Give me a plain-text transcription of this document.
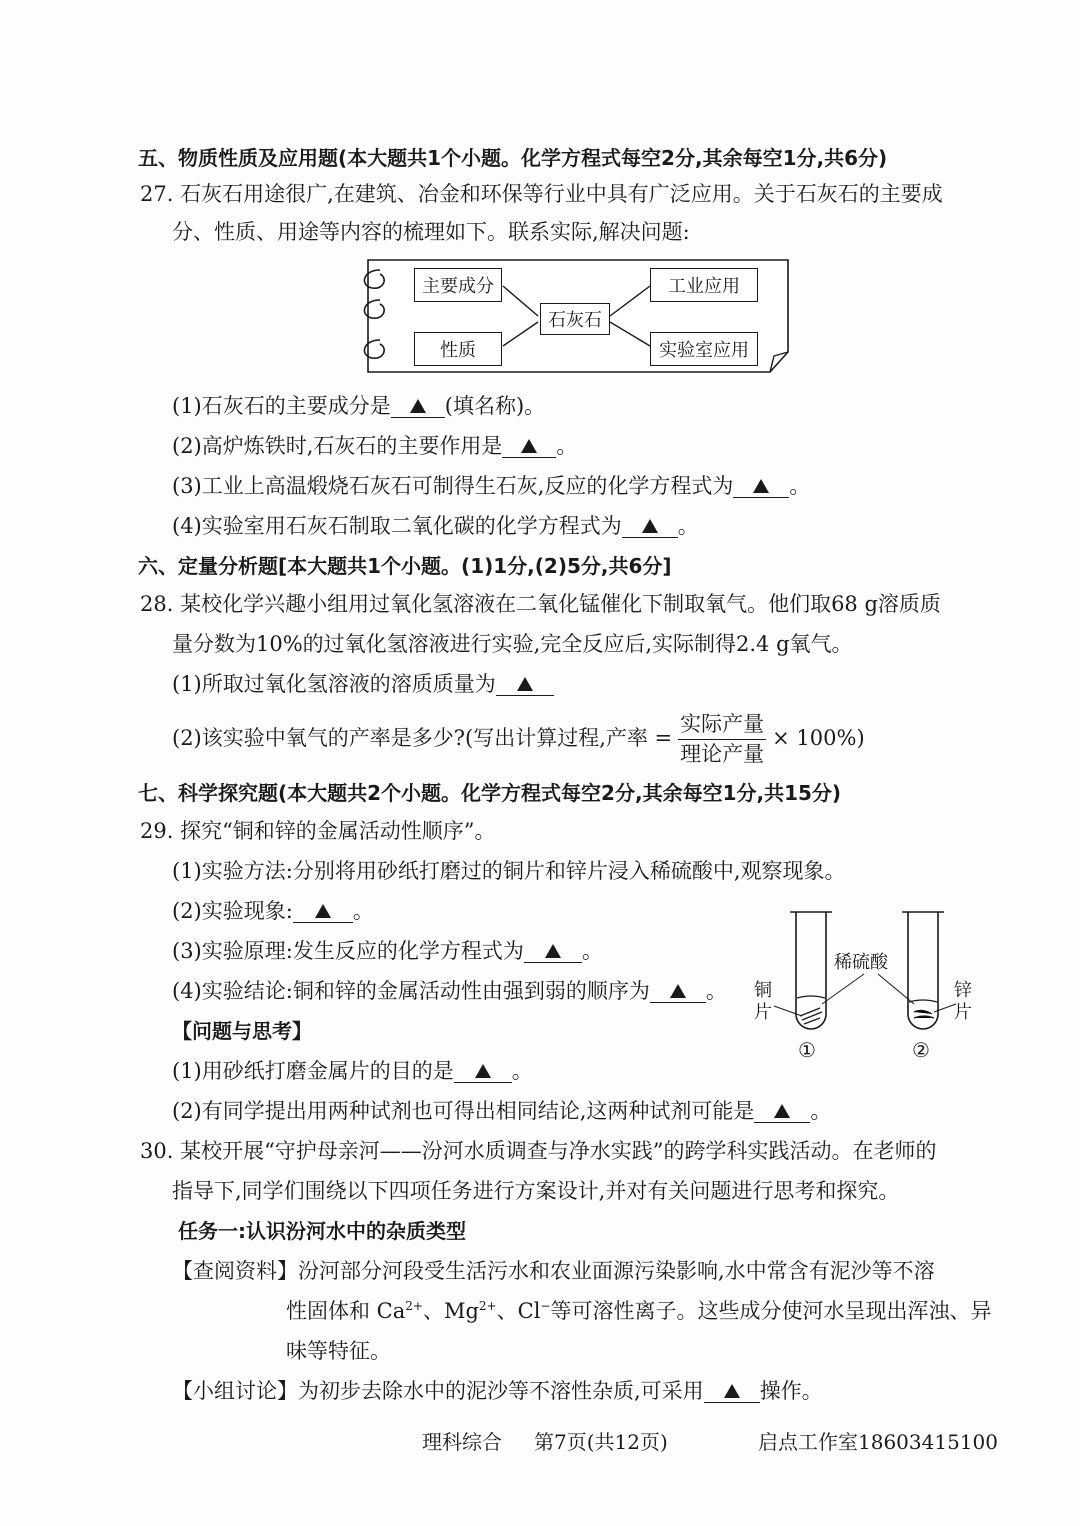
五、物质性质及应用题(本大题共1个小题。化学方程式每空2分,其余每空1分,共6分)
27. 石灰石用途很广,在建筑、冶金和环保等行业中具有广泛应用。关于石灰石的主要成
分、性质、用途等内容的梳理如下。联系实际,解决问题:
主要成分
性质
石灰石
工业应用
实验室应用
(1)石灰石的主要成分是	(填名称)。
(2)高炉炼铁时,石灰石的主要作用是	。
(3)工业上高温煅烧石灰石可制得生石灰,反应的化学方程式为	。
(4)实验室用石灰石制取二氧化碳的化学方程式为	。
六、定量分析题[本大题共1个小题。(1)1分,(2)5分,共6分]
28. 某校化学兴趣小组用过氧化氢溶液在二氧化锰催化下制取氧气。他们取68 g溶质质
量分数为10%的过氧化氢溶液进行实验,完全反应后,实际制得2.4 g氧气。
(1)所取过氧化氢溶液的溶质质量为
(2)该实验中氧气的产率是多少?(写出计算过程,产率 = $\frac{\text{实际产量}}{\text{理论产量}} \times 100\%$)
七、科学探究题(本大题共2个小题。化学方程式每空2分,其余每空1分,共15分)
29. 探究“铜和锌的金属活动性顺序”。
(1)实验方法:分别将用砂纸打磨过的铜片和锌片浸入稀硫酸中,观察现象。
(2)实验现象:	。
(3)实验原理:发生反应的化学方程式为	。
(4)实验结论:铜和锌的金属活动性由强到弱的顺序为	。
【问题与思考】
(1)用砂纸打磨金属片的目的是	。
(2)有同学提出用两种试剂也可得出相同结论,这两种试剂可能是	。
稀硫酸
铜
片
锌
片
①	②
30. 某校开展“守护母亲河——汾河水质调查与净水实践”的跨学科实践活动。在老师的
指导下,同学们围绕以下四项任务进行方案设计,并对有关问题进行思考和探究。
任务一:认识汾河水中的杂质类型
【查阅资料】汾河部分河段受生活污水和农业面源污染影响,水中常含有泥沙等不溶
性固体和 $Ca^{2+}$、$Mg^{2+}$、Cl−等可溶性离子。这些成分使河水呈现出浑浊、异
味等特征。
【小组讨论】为初步去除水中的泥沙等不溶性杂质,可采用	操作。
理科综合 第7页(共12页)	启点工作室18603415100
